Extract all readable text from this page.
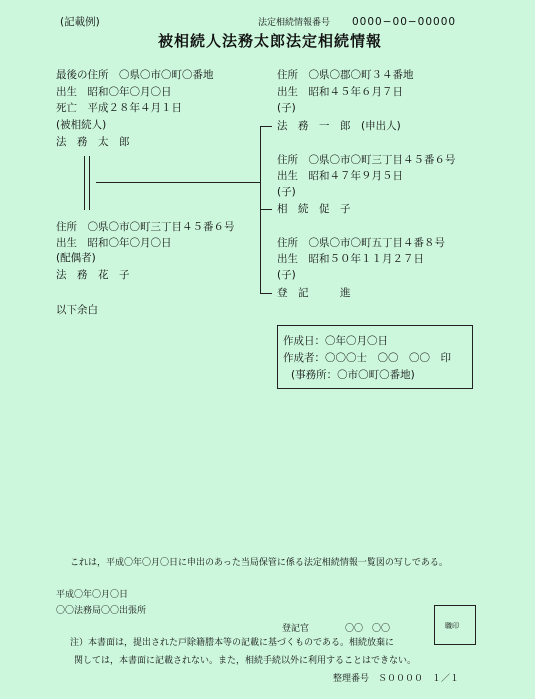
(記載例)	法定相続情報番号 0000−00−00000
被相続人法務太郎法定相続情報
最後の住所　〇県〇市〇町〇番地
出生　昭和〇年〇月〇日
死亡　平成２８年４月１日
(被相続人)
法　務　太　郎
住所　〇県〇市〇町三丁目４５番６号
出生　昭和〇年〇月〇日
(配偶者)
法　務　花　子
以下余白
住所　〇県〇郡〇町３４番地
出生　昭和４５年６月７日
(子)
法　務　一　郎　(申出人)
住所　〇県〇市〇町三丁目４５番６号
出生　昭和４７年９月５日
(子)
相　続　促　子
住所　〇県〇市〇町五丁目４番８号
出生　昭和５０年１１月２７日
(子)
登　記　　　進
作成日：〇年〇月〇日
作成者：〇〇〇士　〇〇　〇〇　印
(事務所：〇市〇町〇番地)
これは，平成〇年〇月〇日に申出のあった当局保管に係る法定相続情報一覧図の写しである。
平成〇年〇月〇日
〇〇法務局〇〇出張所
登記官　　　　〇〇　〇〇	職印
注）本書面は，提出された戸除籍謄本等の記載に基づくものである。相続放棄に
関しては，本書面に記載されない。また，相続手続以外に利用することはできない。
整理番号　Ｓ００００　１／１
